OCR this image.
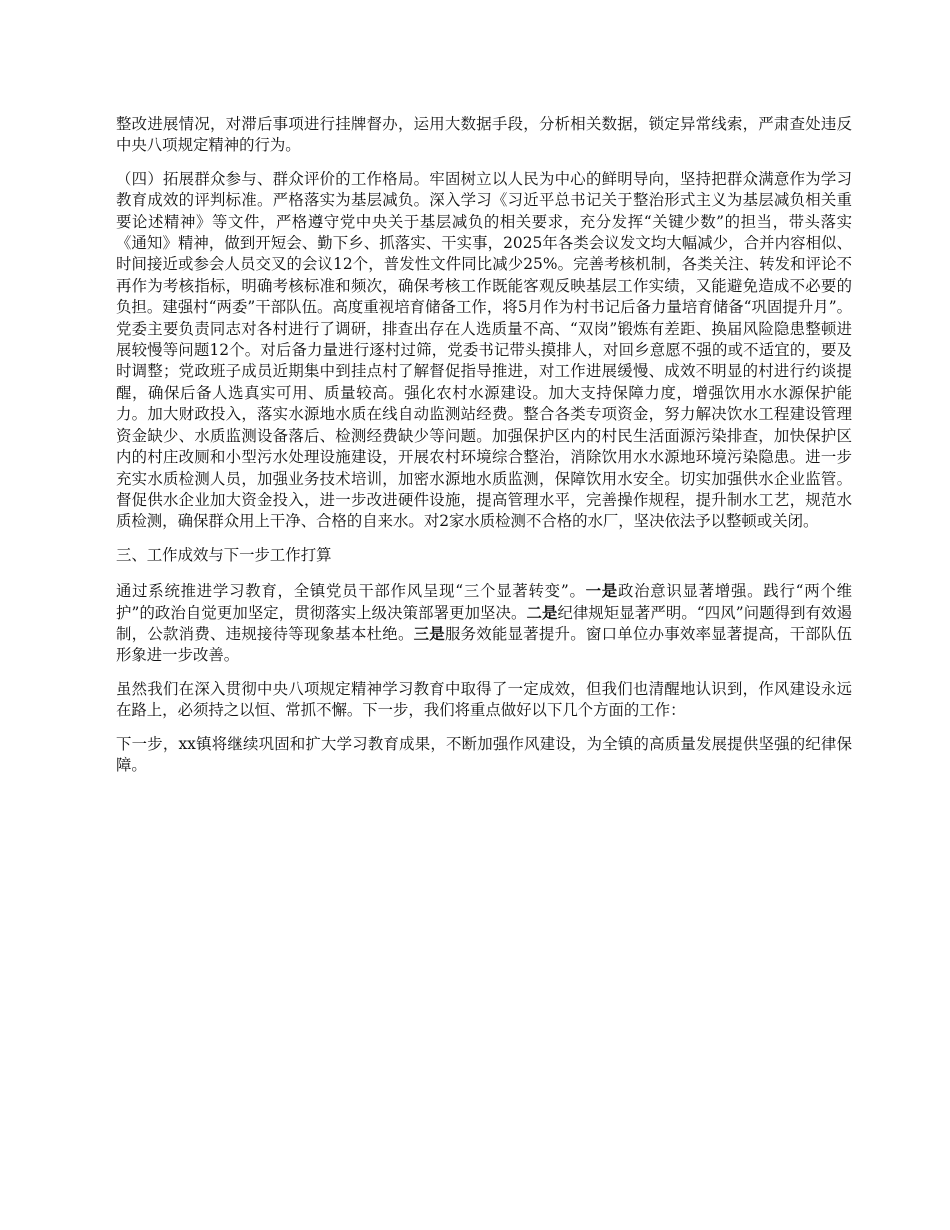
整改进展情况，对滞后事项进行挂牌督办，运用大数据手段，分析相关数据，锁定异常线索，严肃查处违反中央八项规定精神的行为。

（四）拓展群众参与、群众评价的工作格局。牢固树立以人民为中心的鲜明导向，坚持把群众满意作为学习教育成效的评判标准。严格落实为基层减负。深入学习《习近平总书记关于整治形式主义为基层减负相关重要论述精神》等文件，严格遵守党中央关于基层减负的相关要求，充分发挥“关键少数”的担当，带头落实《通知》精神，做到开短会、勤下乡、抓落实、干实事，2025年各类会议发文均大幅减少，合并内容相似、时间接近或参会人员交叉的会议12个，普发性文件同比减少25%。完善考核机制，各类关注、转发和评论不再作为考核指标，明确考核标准和频次，确保考核工作既能客观反映基层工作实绩，又能避免造成不必要的负担。建强村“两委”干部队伍。高度重视培育储备工作，将5月作为村书记后备力量培育储备“巩固提升月”。党委主要负责同志对各村进行了调研，排查出存在人选质量不高、“双岗”锻炼有差距、换届风险隐患整顿进展较慢等问题12个。对后备力量进行逐村过筛，党委书记带头摸排人，对回乡意愿不强的或不适宜的，要及时调整；党政班子成员近期集中到挂点村了解督促指导推进，对工作进展缓慢、成效不明显的村进行约谈提醒，确保后备人选真实可用、质量较高。强化农村水源建设。加大支持保障力度，增强饮用水水源保护能力。加大财政投入，落实水源地水质在线自动监测站经费。整合各类专项资金，努力解决饮水工程建设管理资金缺少、水质监测设备落后、检测经费缺少等问题。加强保护区内的村民生活面源污染排查，加快保护区内的村庄改厕和小型污水处理设施建设，开展农村环境综合整治，消除饮用水水源地环境污染隐患。进一步充实水质检测人员，加强业务技术培训，加密水源地水质监测，保障饮用水安全。切实加强供水企业监管。督促供水企业加大资金投入，进一步改进硬件设施，提高管理水平，完善操作规程，提升制水工艺，规范水质检测，确保群众用上干净、合格的自来水。对2家水质检测不合格的水厂，坚决依法予以整顿或关闭。

三、工作成效与下一步工作打算

通过系统推进学习教育，全镇党员干部作风呈现“三个显著转变”。一是政治意识显著增强。践行“两个维护”的政治自觉更加坚定，贯彻落实上级决策部署更加坚决。二是纪律规矩显著严明。“四风”问题得到有效遏制，公款消费、违规接待等现象基本杜绝。三是服务效能显著提升。窗口单位办事效率显著提高，干部队伍形象进一步改善。

虽然我们在深入贯彻中央八项规定精神学习教育中取得了一定成效，但我们也清醒地认识到，作风建设永远在路上，必须持之以恒、常抓不懈。下一步，我们将重点做好以下几个方面的工作：

下一步，xx镇将继续巩固和扩大学习教育成果，不断加强作风建设，为全镇的高质量发展提供坚强的纪律保障。
